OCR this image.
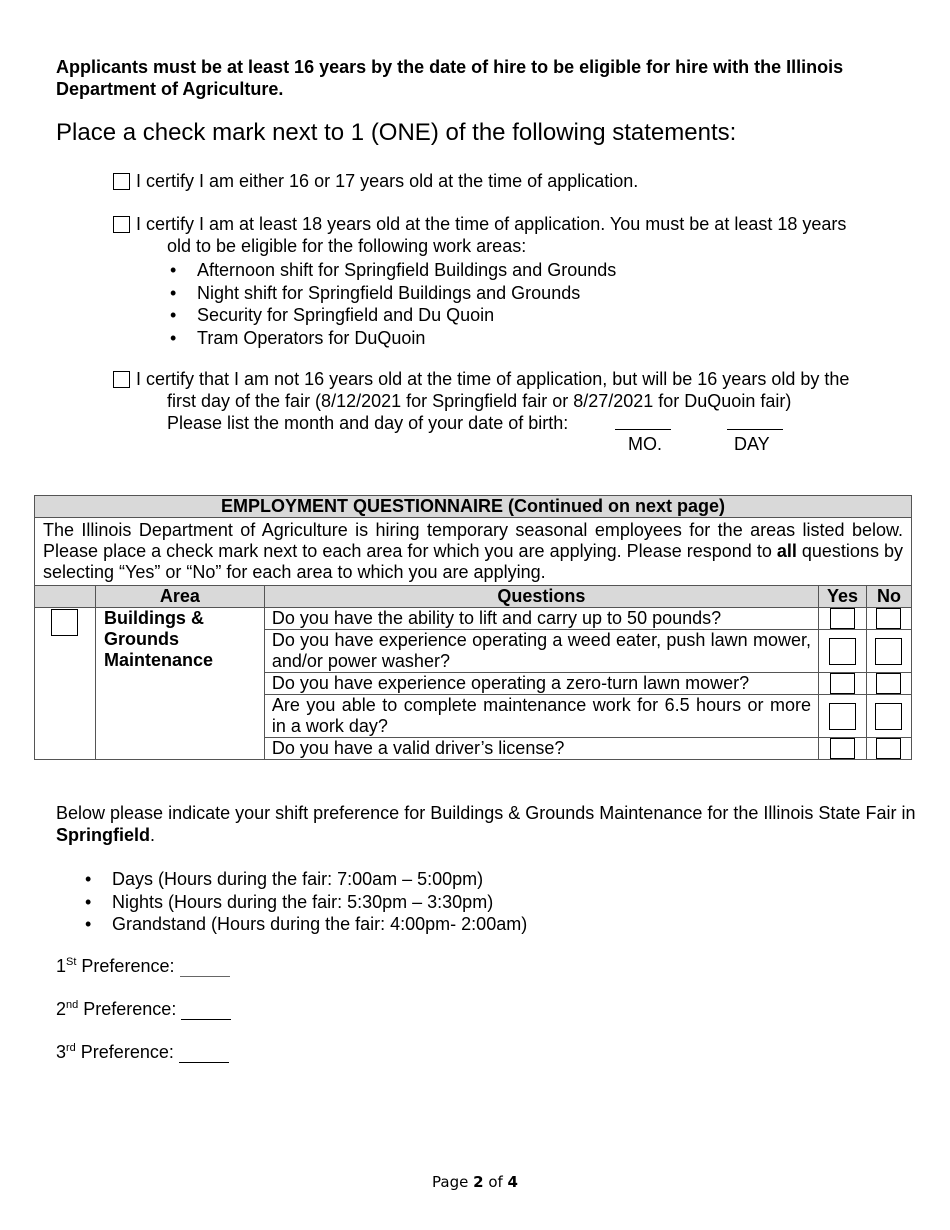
Applicants must be at least 16 years by the date of hire to be eligible for hire with the Illinois Department of Agriculture.
Place a check mark next to 1 (ONE) of the following statements:
I certify I am either 16 or 17 years old at the time of application.
I certify I am at least 18 years old at the time of application. You must be at least 18 years
old to be eligible for the following work areas:
• Afternoon shift for Springfield Buildings and Grounds
• Night shift for Springfield Buildings and Grounds
• Security for Springfield and Du Quoin
• Tram Operators for DuQuoin
I certify that I am not 16 years old at the time of application, but will be 16 years old by the
first day of the fair (8/12/2021 for Springfield fair or 8/27/2021 for DuQuoin fair)
Please list the month and day of your date of birth:
MO.	DAY
EMPLOYMENT QUESTIONNAIRE (Continued on next page)				
The Illinois Department of Agriculture is hiring temporary seasonal employees for the areas listed below. Please place a check mark next to each area for which you are applying. Please respond to all questions by selecting “Yes” or “No” for each area to which you are applying.				
	Area	Questions	Yes	No

	Buildings &
Grounds
Maintenance	Do you have the ability to lift and carry up to 50 pounds?	

		Do you have experience operating a weed eater, push lawn mower, and/or power washer?	

		Do you have experience operating a zero-turn lawn mower?	

		Are you able to complete maintenance work for 6.5 hours or more in a work day?	

		Do you have a valid driver’s license?	

Below please indicate your shift preference for Buildings & Grounds Maintenance for the Illinois State Fair in Springfield.
• Days (Hours during the fair: 7:00am – 5:00pm)
• Nights (Hours during the fair: 5:30pm – 3:30pm)
• Grandstand (Hours during the fair: 4:00pm- 2:00am)
1St Preference:
2nd Preference:
3rd Preference:
Page 2 of 4
